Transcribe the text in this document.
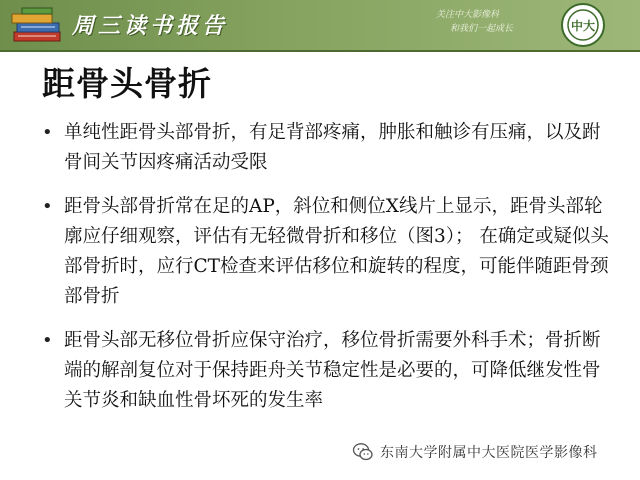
周三读书报告	关注中大影像科
和我们一起成长	中大
距骨头骨折
• 单纯性距骨头部骨折，有足背部疼痛，肿胀和触诊有压痛，以及跗骨间关节因疼痛活动受限
• 距骨头部骨折常在足的AP，斜位和侧位X线片上显示，距骨头部轮廓应仔细观察，评估有无轻微骨折和移位（图3）； 在确定或疑似头部骨折时，应行CT检查来评估移位和旋转的程度，可能伴随距骨颈部骨折
• 距骨头部无移位骨折应保守治疗，移位骨折需要外科手术；骨折断端的解剖复位对于保持距舟关节稳定性是必要的，可降低继发性骨关节炎和缺血性骨坏死的发生率
东南大学附属中大医院医学影像科
